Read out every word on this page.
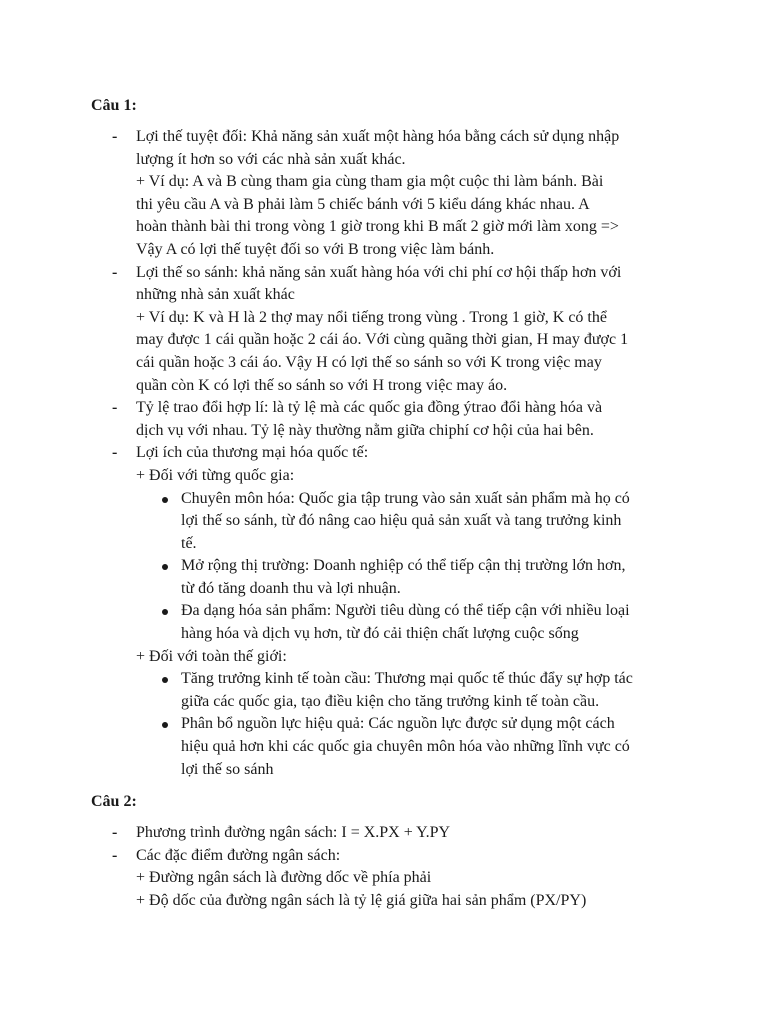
Câu 1:
- Lợi thế tuyệt đối: Khả năng sản xuất một hàng hóa bằng cách sử dụng nhập
lượng ít hơn so với các nhà sản xuất khác.
+ Ví dụ: A và B cùng tham gia cùng tham gia một cuộc thi làm bánh. Bài
thi yêu cầu A và B phải làm 5 chiếc bánh với 5 kiểu dáng khác nhau. A
hoàn thành bài thi trong vòng 1 giờ trong khi B mất 2 giờ mới làm xong =>
Vậy A có lợi thế tuyệt đối so với B trong việc làm bánh.
- Lợi thế so sánh: khả năng sản xuất hàng hóa với chi phí cơ hội thấp hơn với
những nhà sản xuất khác
+ Ví dụ: K và H là 2 thợ may nổi tiếng trong vùng . Trong 1 giờ, K có thể
may được 1 cái quần hoặc 2 cái áo. Với cùng quãng thời gian, H may được 1
cái quần hoặc 3 cái áo. Vậy H có lợi thế so sánh so với K trong việc may
quần còn K có lợi thế so sánh so với H trong việc may áo.
- Tỷ lệ trao đổi hợp lí: là tỷ lệ mà các quốc gia đồng ýtrao đổi hàng hóa và
dịch vụ với nhau. Tỷ lệ này thường nằm giữa chiphí cơ hội của hai bên.
- Lợi ích của thương mại hóa quốc tế:
+ Đối với từng quốc gia:
Chuyên môn hóa: Quốc gia tập trung vào sản xuất sản phẩm mà họ có
lợi thế so sánh, từ đó nâng cao hiệu quả sản xuất và tang trưởng kinh
tế.
Mở rộng thị trường: Doanh nghiệp có thể tiếp cận thị trường lớn hơn,
từ đó tăng doanh thu và lợi nhuận.
Đa dạng hóa sản phẩm: Người tiêu dùng có thể tiếp cận với nhiều loại
hàng hóa và dịch vụ hơn, từ đó cải thiện chất lượng cuộc sống
+ Đối với toàn thế giới:
Tăng trưởng kinh tế toàn cầu: Thương mại quốc tế thúc đẩy sự hợp tác
giữa các quốc gia, tạo điều kiện cho tăng trưởng kinh tế toàn cầu.
Phân bổ nguồn lực hiệu quả: Các nguồn lực được sử dụng một cách
hiệu quả hơn khi các quốc gia chuyên môn hóa vào những lĩnh vực có
lợi thế so sánh
Câu 2:
- Phương trình đường ngân sách: I = X.PX + Y.PY
- Các đặc điểm đường ngân sách:
+ Đường ngân sách là đường dốc về phía phải
+ Độ dốc của đường ngân sách là tỷ lệ giá giữa hai sản phẩm (PX/PY)
